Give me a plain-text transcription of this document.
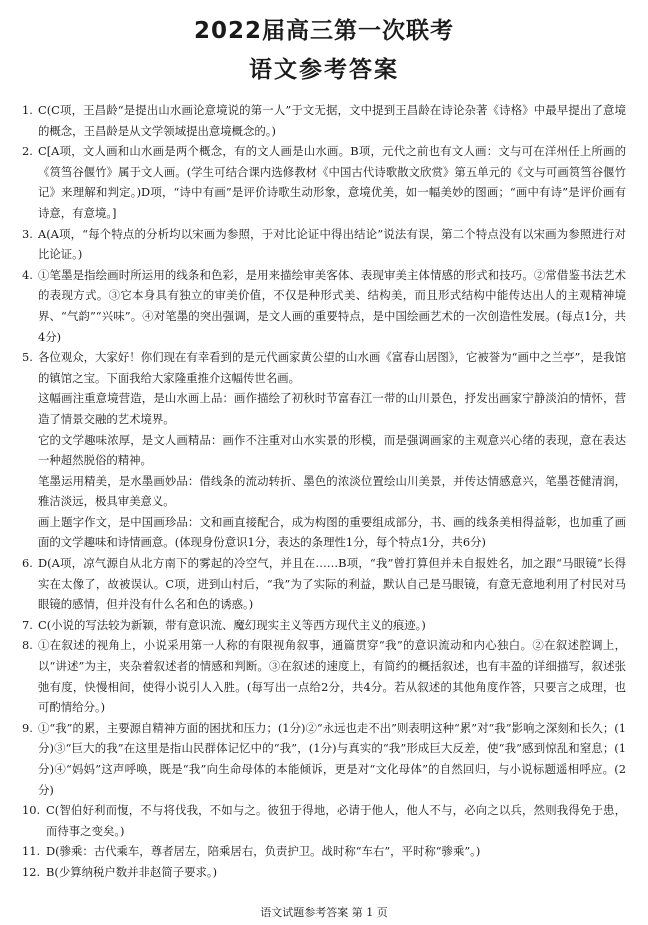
2022届高三第一次联考
语文参考答案
1. C(C项，王昌龄“是提出山水画论意境说的第一人”于文无据，文中提到王昌龄在诗论杂著《诗格》中最早提出了意境的概念，王昌龄是从文学领域提出意境概念的。)

2. C[A项，文人画和山水画是两个概念，有的文人画是山水画。B项，元代之前也有文人画：文与可在洋州任上所画的《筼筜谷偃竹》属于文人画。(学生可结合课内选修教材《中国古代诗歌散文欣赏》第五单元的《文与可画筼筜谷偃竹记》来理解和判定。)D项，“诗中有画”是评价诗歌生动形象，意境优美，如一幅美妙的图画；“画中有诗”是评价画有诗意，有意境。]

3. A(A项，“每个特点的分析均以宋画为参照，于对比论证中得出结论”说法有误，第二个特点没有以宋画为参照进行对比论证。)

4. ①笔墨是指绘画时所运用的线条和色彩，是用来描绘审美客体、表现审美主体情感的形式和技巧。②常借鉴书法艺术的表现方式。③它本身具有独立的审美价值，不仅是种形式美、结构美，而且形式结构中能传达出人的主观精神境界、“气韵”“兴味”。④对笔墨的突出强调，是文人画的重要特点，是中国绘画艺术的一次创造性发展。(每点1分，共4分)

5. 各位观众，大家好！你们现在有幸看到的是元代画家黄公望的山水画《富春山居图》，它被誉为“画中之兰亭”，是我馆的镇馆之宝。下面我给大家隆重推介这幅传世名画。

这幅画注重意境营造，是山水画上品：画作描绘了初秋时节富春江一带的山川景色，抒发出画家宁静淡泊的情怀，营造了情景交融的艺术境界。

它的文学趣味浓厚，是文人画精品：画作不注重对山水实景的形模，而是强调画家的主观意兴心绪的表现，意在表达一种超然脱俗的精神。

笔墨运用精美，是水墨画妙品：借线条的流动转折、墨色的浓淡位置绘山川美景，并传达情感意兴，笔墨苍健清润，雅洁淡远，极具审美意义。

画上题字作文，是中国画珍品：文和画直接配合，成为构图的重要组成部分，书、画的线条美相得益彰，也加重了画面的文学趣味和诗情画意。(体现身份意识1分，表达的条理性1分，每个特点1分，共6分)

6. D(A项，凉气源自从北方南下的雾起的冷空气，并且在……B项，“我”曾打算但并未自报姓名，加之跟“马眼镜”长得实在太像了，故被误认。C项，进到山村后，“我”为了实际的利益，默认自己是马眼镜，有意无意地利用了村民对马眼镜的感情，但并没有什么名和色的诱惑。)

7. C(小说的写法较为新颖，带有意识流、魔幻现实主义等西方现代主义的痕迹。)

8. ①在叙述的视角上，小说采用第一人称的有限视角叙事，通篇贯穿“我”的意识流动和内心独白。②在叙述腔调上，以“讲述”为主，夹杂着叙述者的情感和判断。③在叙述的速度上，有简约的概括叙述，也有丰盈的详细描写，叙述张弛有度，快慢相间，使得小说引人入胜。(每写出一点给2分，共4分。若从叙述的其他角度作答，只要言之成理，也可酌情给分。)

9. ①“我”的累，主要源自精神方面的困扰和压力；(1分)②“永远也走不出”则表明这种“累”对“我”影响之深刻和长久；(1分)③“巨大的我”在这里是指山民群体记忆中的“我”，(1分)与真实的“我”形成巨大反差，使“我”感到惊乱和窒息；(1分)④“妈妈”这声呼唤，既是“我”向生命母体的本能倾诉，更是对“文化母体”的自然回归，与小说标题遥相呼应。(2分)

10. C(智伯好利而愎，不与将伐我，不如与之。彼狃于得地，必请于他人，他人不与，必向之以兵，然则我得免于患，而待事之变矣。)

11. D(骖乘：古代乘车，尊者居左，陪乘居右，负责护卫。战时称“车右”，平时称“骖乘”。)

12. B(少算纳税户数并非赵简子要求。)

语文试题参考答案 第 1 页
